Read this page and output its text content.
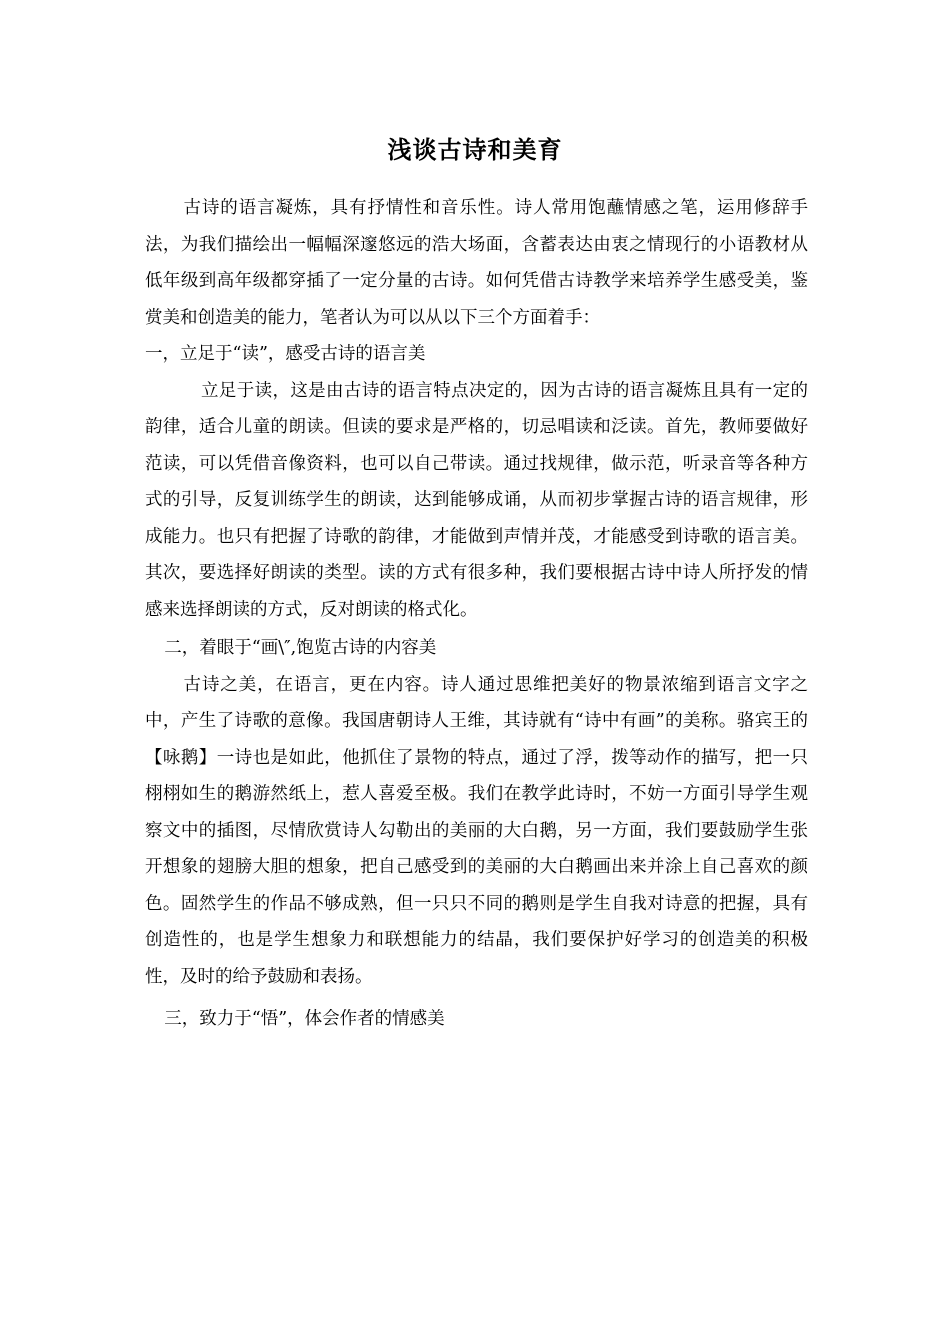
浅谈古诗和美育

古诗的语言凝炼，具有抒情性和音乐性。诗人常用饱蘸情感之笔，运用修辞手法，为我们描绘出一幅幅深邃悠远的浩大场面，含蓄表达由衷之情现行的小语教材从低年级到高年级都穿插了一定分量的古诗。如何凭借古诗教学来培养学生感受美，鉴赏美和创造美的能力，笔者认为可以从以下三个方面着手：

一，立足于“读”，感受古诗的语言美

立足于读，这是由古诗的语言特点决定的，因为古诗的语言凝炼且具有一定的韵律，适合儿童的朗读。但读的要求是严格的，切忌唱读和泛读。首先，教师要做好范读，可以凭借音像资料，也可以自己带读。通过找规律，做示范，听录音等各种方式的引导，反复训练学生的朗读，达到能够成诵，从而初步掌握古诗的语言规律，形成能力。也只有把握了诗歌的韵律，才能做到声情并茂，才能感受到诗歌的语言美。其次，要选择好朗读的类型。读的方式有很多种，我们要根据古诗中诗人所抒发的情感来选择朗读的方式，反对朗读的格式化。

二，着眼于“画\″,饱览古诗的内容美

古诗之美，在语言，更在内容。诗人通过思维把美好的物景浓缩到语言文字之中，产生了诗歌的意像。我国唐朝诗人王维，其诗就有“诗中有画”的美称。骆宾王的【咏鹅】一诗也是如此，他抓住了景物的特点，通过了浮，拨等动作的描写，把一只栩栩如生的鹅游然纸上，惹人喜爱至极。我们在教学此诗时，不妨一方面引导学生观察文中的插图，尽情欣赏诗人勾勒出的美丽的大白鹅，另一方面，我们要鼓励学生张开想象的翅膀大胆的想象，把自己感受到的美丽的大白鹅画出来并涂上自己喜欢的颜色。固然学生的作品不够成熟，但一只只不同的鹅则是学生自我对诗意的把握，具有创造性的，也是学生想象力和联想能力的结晶，我们要保护好学习的创造美的积极性，及时的给予鼓励和表扬。

三，致力于“悟”，体会作者的情感美
